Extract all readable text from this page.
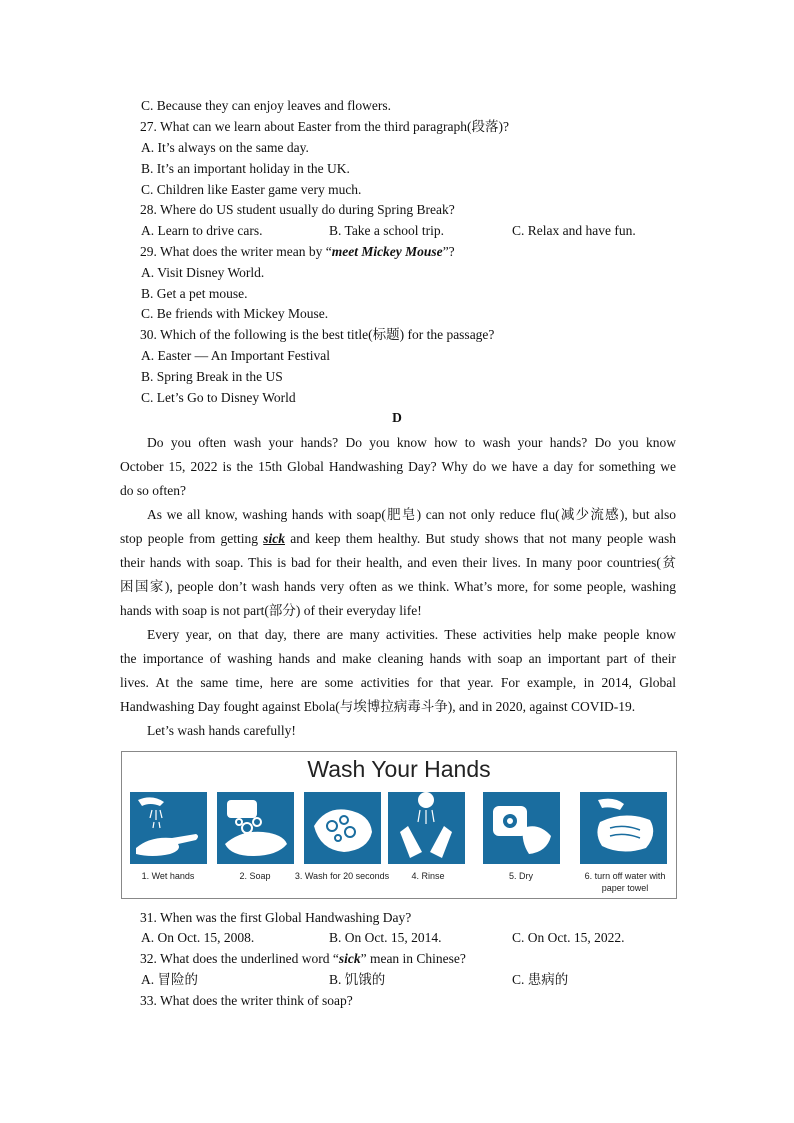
C. Because they can enjoy leaves and flowers.
27. What can we learn about Easter from the third paragraph(段落)?
A. It’s always on the same day.
B. It’s an important holiday in the UK.
C. Children like Easter game very much.
28. Where do US student usually do during Spring Break?
A. Learn to drive cars.	B. Take a school trip.	C. Relax and have fun.
29. What does the writer mean by “meet Mickey Mouse”?
A. Visit Disney World.
B. Get a pet mouse.
C. Be friends with Mickey Mouse.
30. Which of the following is the best title(标题) for the passage?
A. Easter — An Important Festival
B. Spring Break in the US
C. Let’s Go to Disney World
D
Do you often wash your hands? Do you know how to wash your hands? Do you know
October 15, 2022 is the 15th Global Handwashing Day? Why do we have a day for something we
do so often?
As we all know, washing hands with soap(肥皂) can not only reduce flu(减少流感), but also
stop people from getting sick and keep them healthy. But study shows that not many people wash
their hands with soap. This is bad for their health, and even their lives. In many poor countries(贫
困国家), people don’t wash hands very often as we think. What’s more, for some people, washing
hands with soap is not part(部分) of their everyday life!
Every year, on that day, there are many activities. These activities help make people know
the importance of washing hands and make cleaning hands with soap an important part of their
lives. At the same time, here are some activities for that year. For example, in 2014, Global
Handwashing Day fought against Ebola(与埃博拉病毒斗争), and in 2020, against COVID-19.
Let’s wash hands carefully!
Wash Your Hands
1. Wet hands	2. Soap	3. Wash for 20 seconds	4. Rinse	5. Dry	6. turn off water with paper towel
31. When was the first Global Handwashing Day?
A. On Oct. 15, 2008.	B. On Oct. 15, 2014.	C. On Oct. 15, 2022.
32. What does the underlined word “sick” mean in Chinese?
A. 冒险的	B. 饥饿的	C. 患病的
33. What does the writer think of soap?
